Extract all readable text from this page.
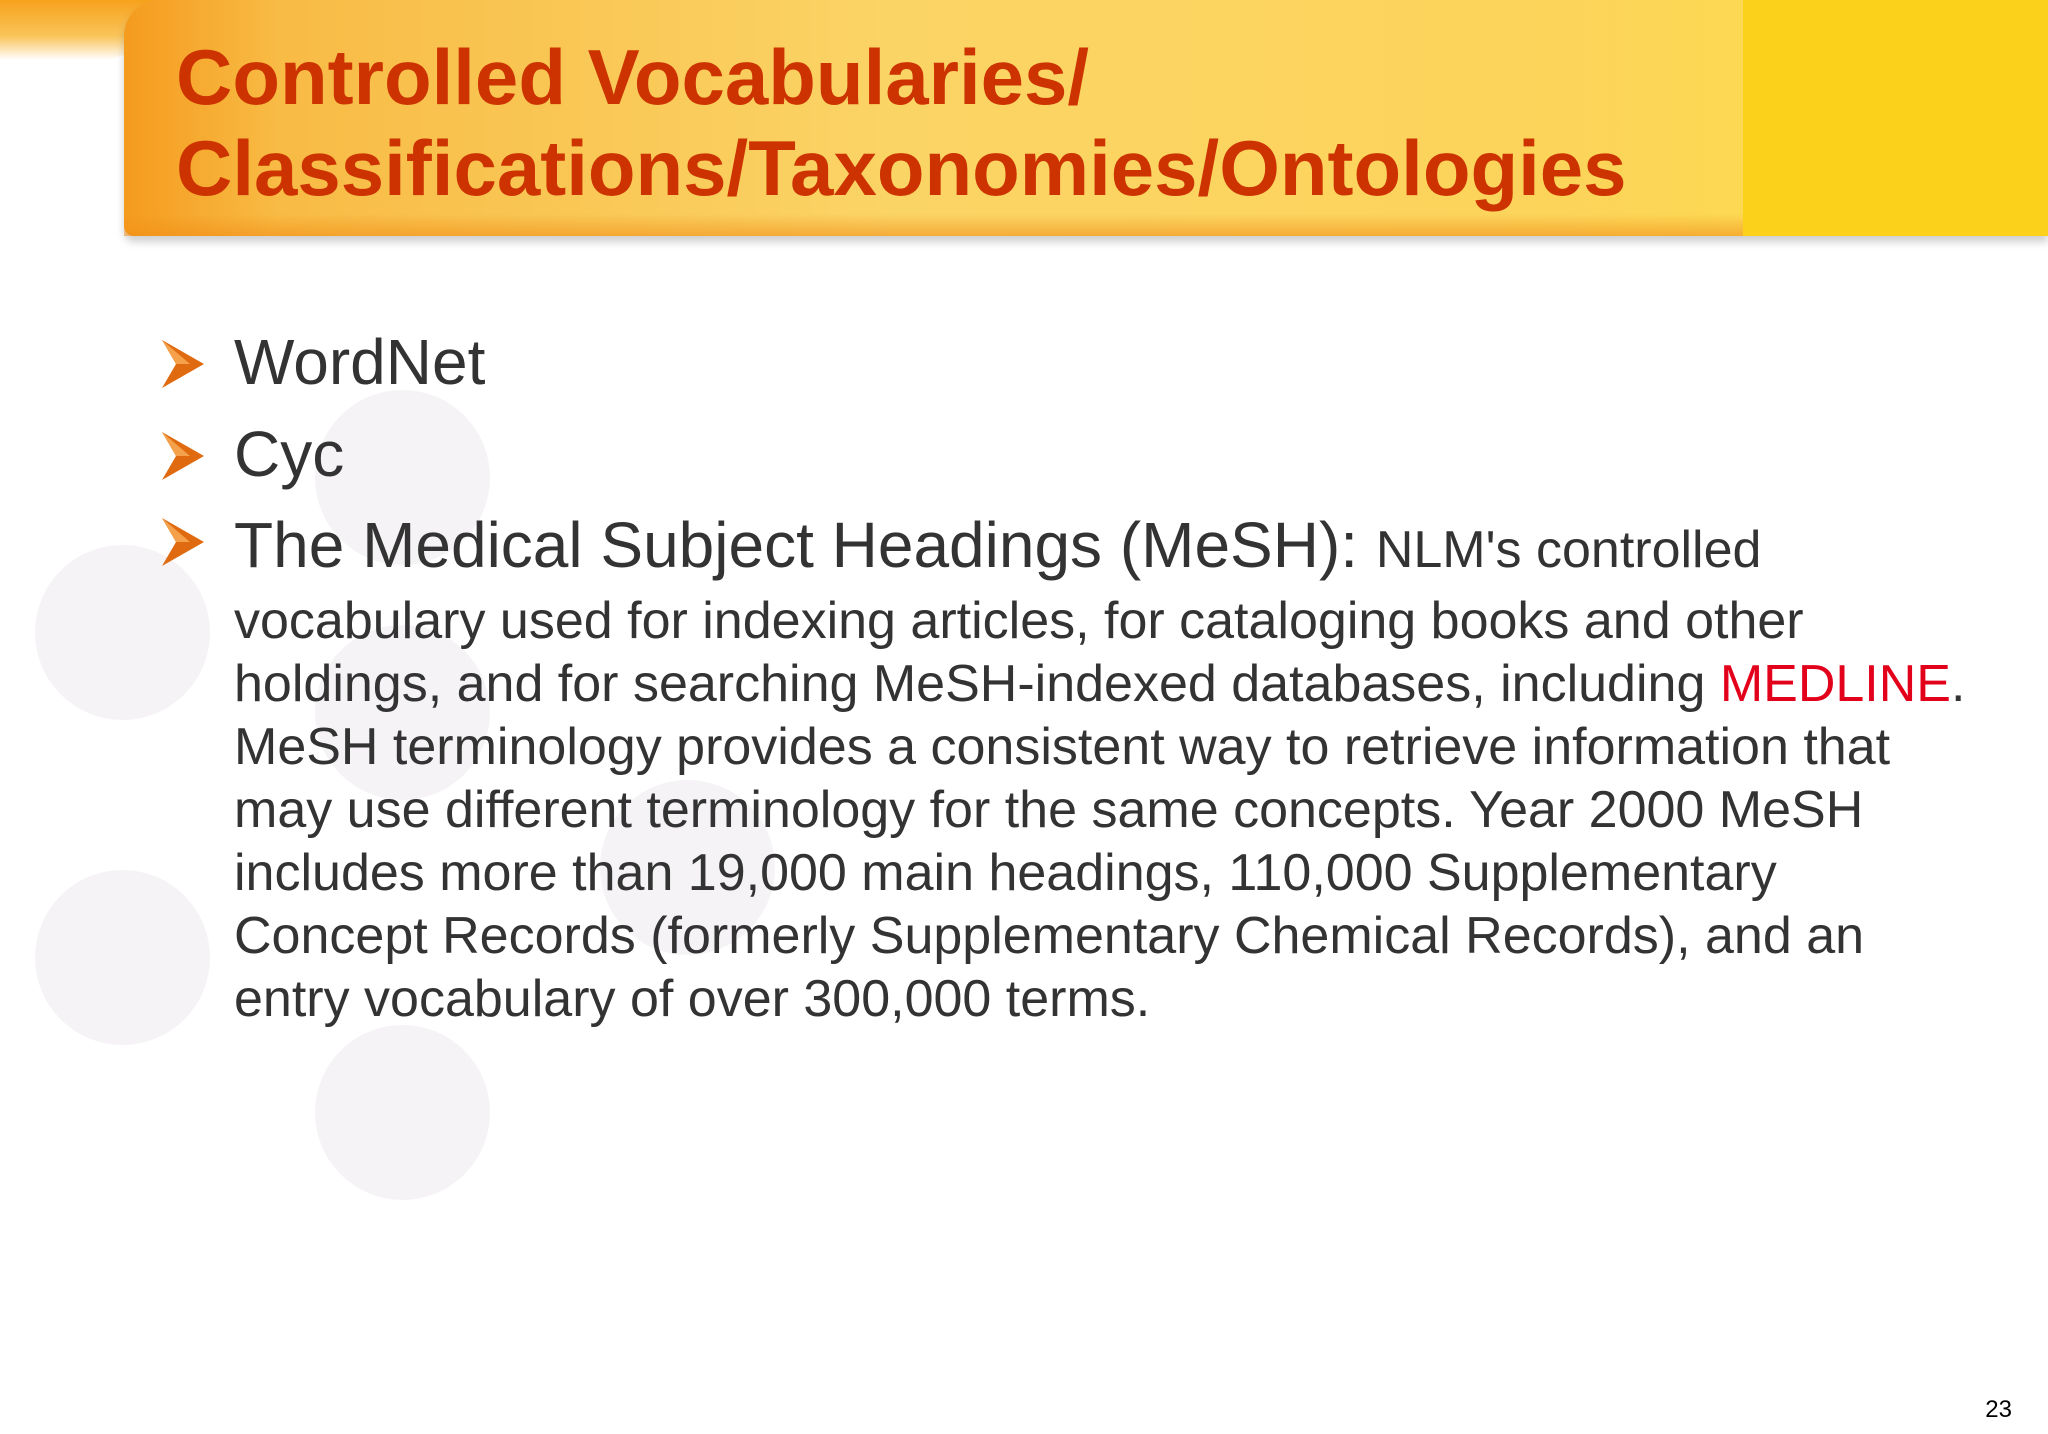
Controlled Vocabularies/
Classifications/Taxonomies/Ontologies
WordNet
Cyc
The Medical Subject Headings (MeSH): NLM's controlled vocabulary used for indexing articles, for cataloging books and other holdings, and for searching MeSH-indexed databases, including MEDLINE. MeSH terminology provides a consistent way to retrieve information that may use different terminology for the same concepts. Year 2000 MeSH includes more than 19,000 main headings, 110,000 Supplementary Concept Records (formerly Supplementary Chemical Records), and an entry vocabulary of over 300,000 terms.
23
